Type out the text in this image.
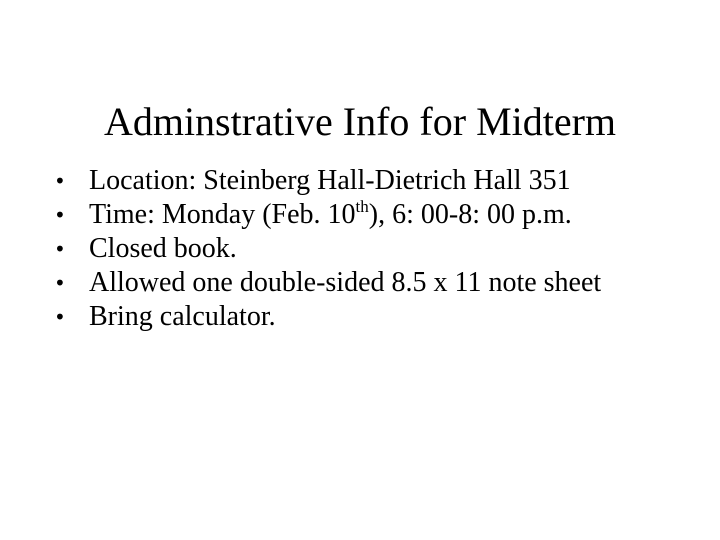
Adminstrative Info for Midterm
• Location: Steinberg Hall-Dietrich Hall 351
• Time: Monday (Feb. 10th), 6: 00-8: 00 p.m.
• Closed book.
• Allowed one double-sided 8.5 x 11 note sheet
• Bring calculator.
